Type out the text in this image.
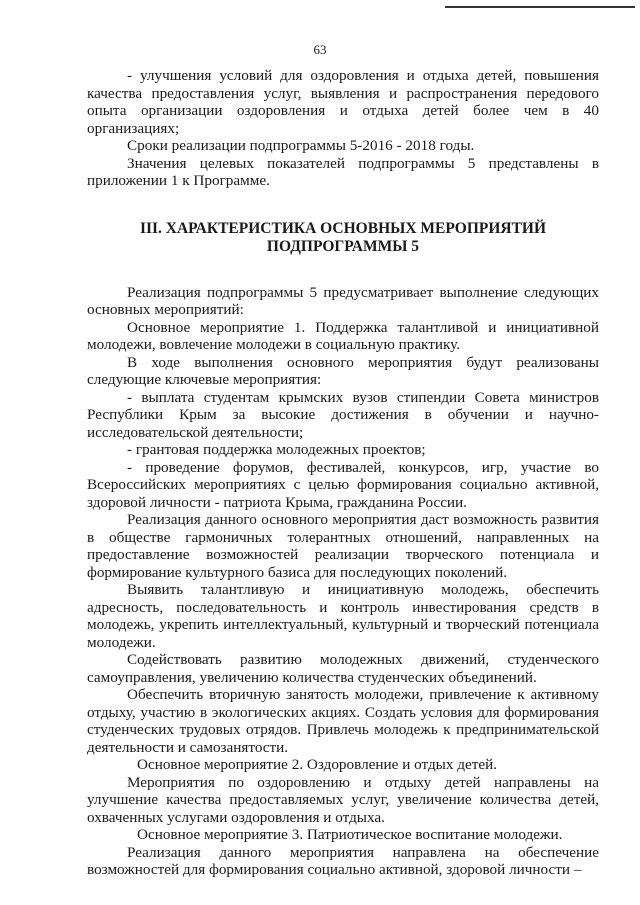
63

- улучшения условий для оздоровления и отдыха детей, повышения качества предоставления услуг, выявления и распространения передового опыта организации оздоровления и отдыха детей более чем в 40 организациях;

Сроки реализации подпрограммы 5-2016 - 2018 годы.

Значения целевых показателей подпрограммы 5 представлены в приложении 1 к Программе.

III. ХАРАКТЕРИСТИКА ОСНОВНЫХ МЕРОПРИЯТИЙ
ПОДПРОГРАММЫ 5

Реализация подпрограммы 5 предусматривает выполнение следующих основных мероприятий:

Основное мероприятие 1. Поддержка талантливой и инициативной молодежи, вовлечение молодежи в социальную практику.

В ходе выполнения основного мероприятия будут реализованы следующие ключевые мероприятия:

- выплата студентам крымских вузов стипендии Совета министров Республики Крым за высокие достижения в обучении и научно-исследовательской деятельности;

- грантовая поддержка молодежных проектов;

- проведение форумов, фестивалей, конкурсов, игр, участие во Всероссийских мероприятиях с целью формирования социально активной, здоровой личности - патриота Крыма, гражданина России.

Реализация данного основного мероприятия даст возможность развития в обществе гармоничных толерантных отношений, направленных на предоставление возможностей реализации творческого потенциала и формирование культурного базиса для последующих поколений.

Выявить талантливую и инициативную молодежь, обеспечить адресность, последовательность и контроль инвестирования средств в молодежь, укрепить интеллектуальный, культурный и творческий потенциала молодежи.

Содействовать развитию молодежных движений, студенческого самоуправления, увеличению количества студенческих объединений.

Обеспечить вторичную занятость молодежи, привлечение к активному отдыху, участию в экологических акциях. Создать условия для формирования студенческих трудовых отрядов. Привлечь молодежь к предпринимательской деятельности и самозанятости.

Основное мероприятие 2. Оздоровление и отдых детей.

Мероприятия по оздоровлению и отдыху детей направлены на улучшение качества предоставляемых услуг, увеличение количества детей, охваченных услугами оздоровления и отдыха.

Основное мероприятие 3. Патриотическое воспитание молодежи.

Реализация данного мероприятия направлена на обеспечение возможностей для формирования социально активной, здоровой личности –
